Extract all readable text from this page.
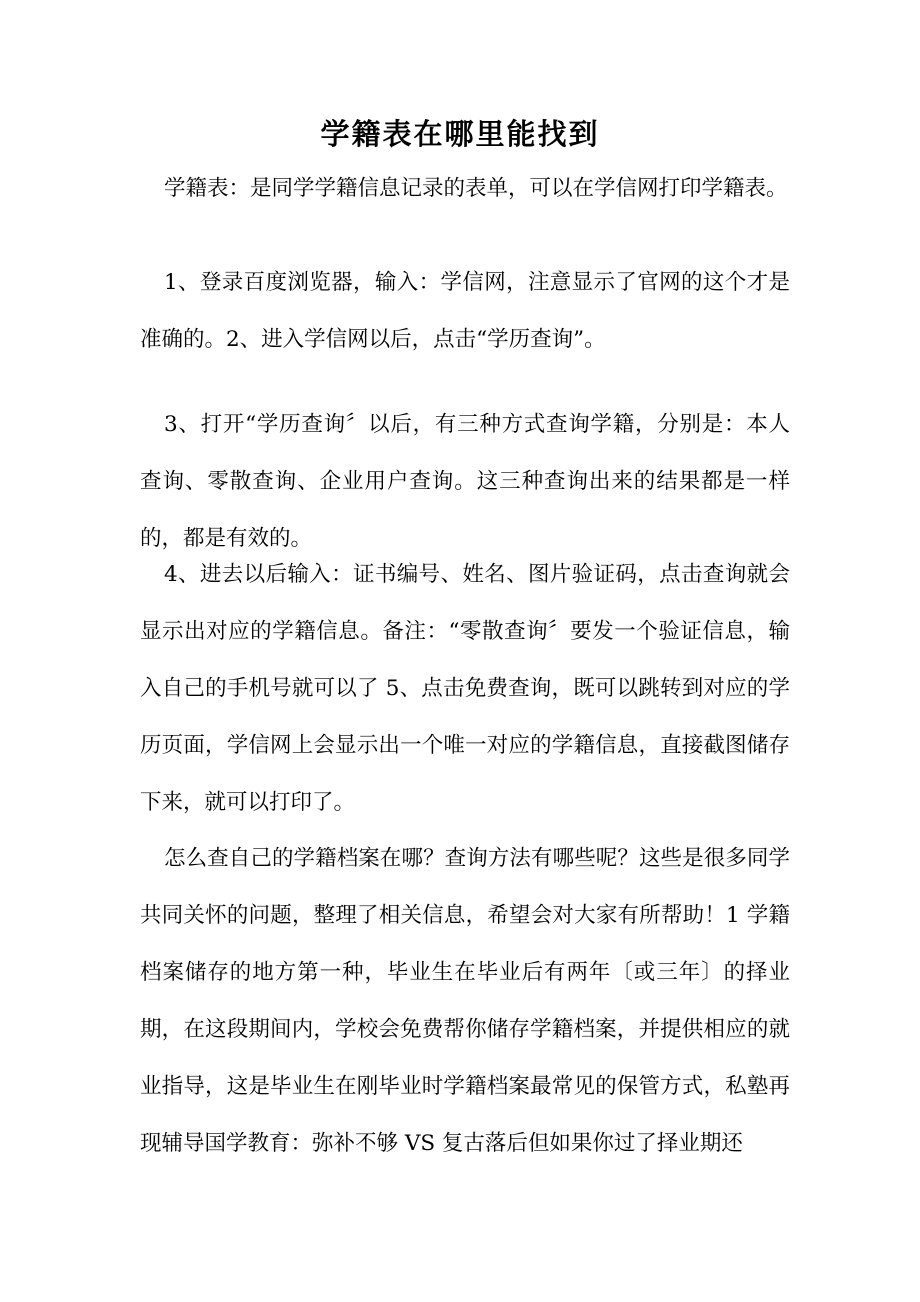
学籍表在哪里能找到

学籍表：是同学学籍信息记录的表单，可以在学信网打印学籍表。

1、登录百度浏览器，输入：学信网，注意显示了官网的这个才是准确的。2、进入学信网以后，点击“学历查询”。

3、打开“学历查询〞以后，有三种方式查询学籍，分别是：本人查询、零散查询、企业用户查询。这三种查询出来的结果都是一样的，都是有效的。

4、进去以后输入：证书编号、姓名、图片验证码，点击查询就会显示出对应的学籍信息。备注：“零散查询〞要发一个验证信息，输入自己的手机号就可以了 5、点击免费查询，既可以跳转到对应的学历页面，学信网上会显示出一个唯一对应的学籍信息，直接截图储存下来，就可以打印了。

怎么查自己的学籍档案在哪？查询方法有哪些呢？这些是很多同学共同关怀的问题，整理了相关信息，希望会对大家有所帮助！1 学籍档案储存的地方第一种，毕业生在毕业后有两年〔或三年〕的择业期，在这段期间内，学校会免费帮你储存学籍档案，并提供相应的就业指导，这是毕业生在刚毕业时学籍档案最常见的保管方式，私塾再现辅导国学教育：弥补不够 VS 复古落后但如果你过了择业期还
